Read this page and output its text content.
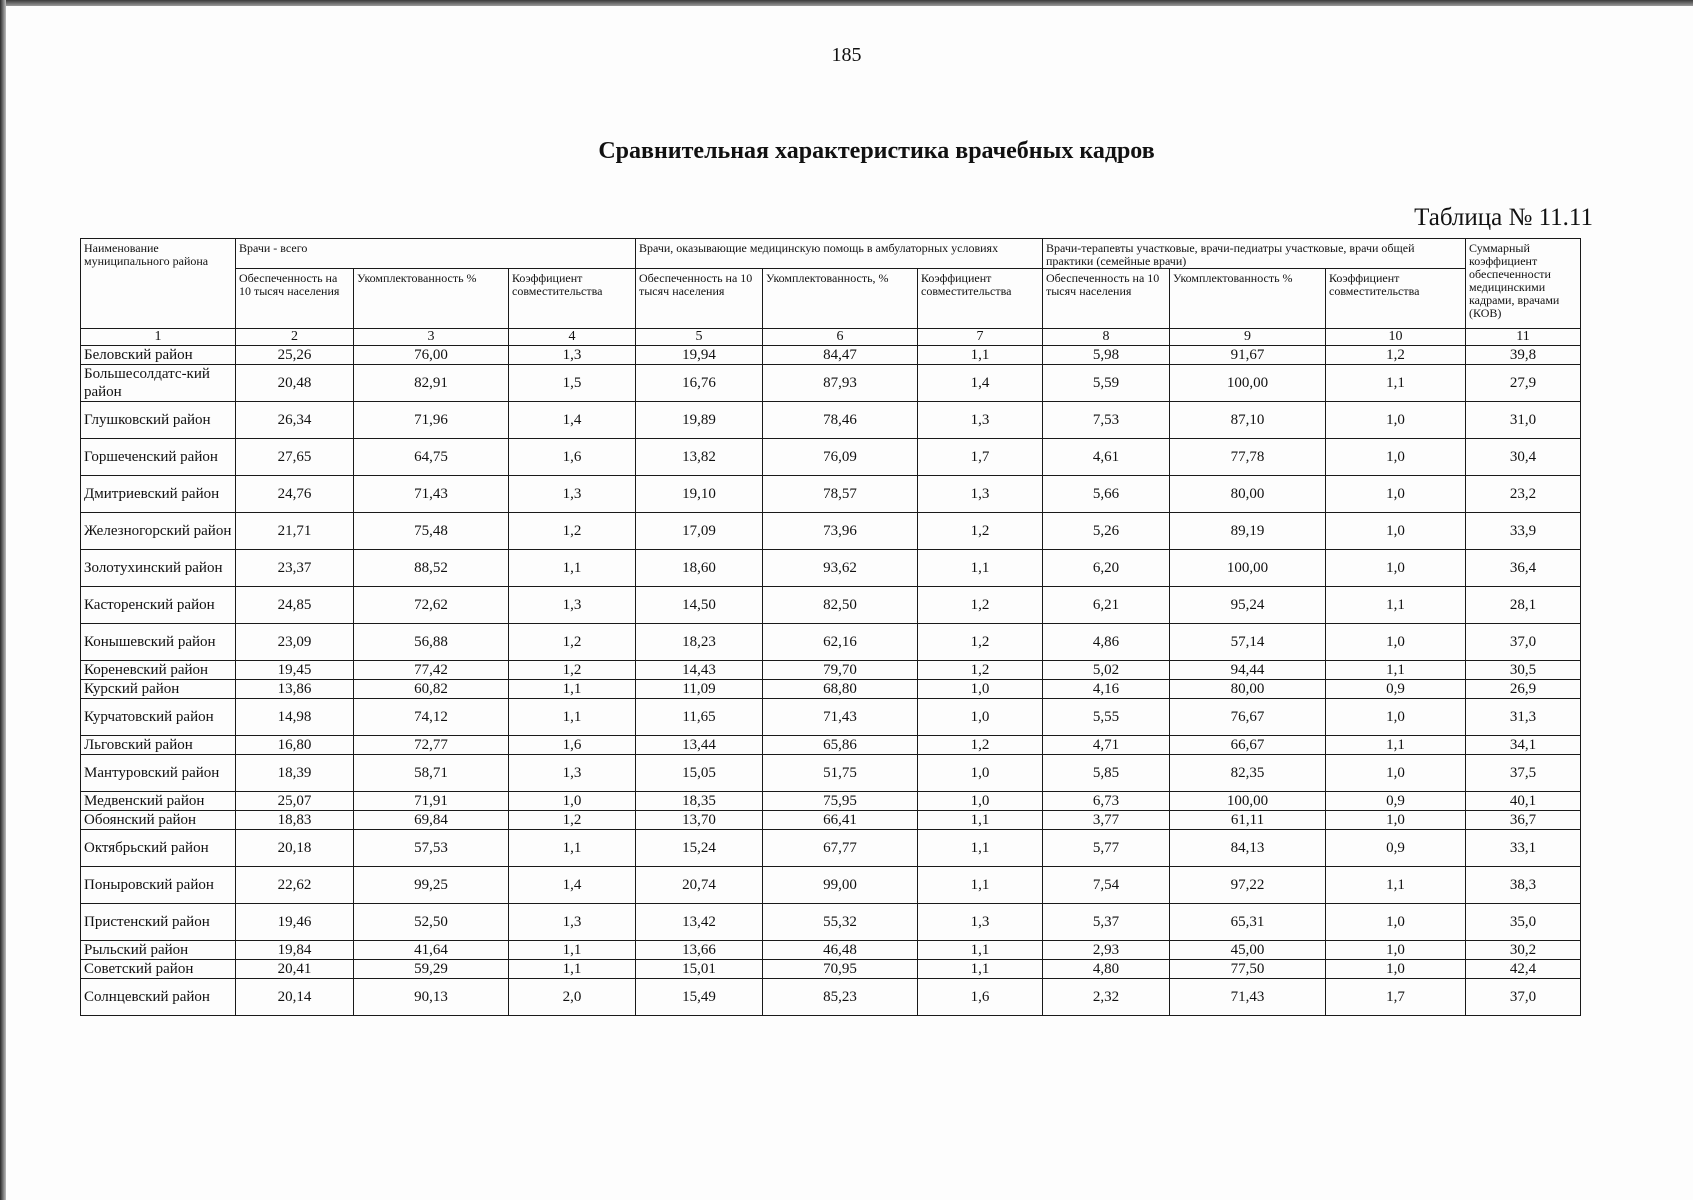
185
Сравнительная характеристика врачебных кадров
Таблица № 11.11
Наименование муниципального района	Врачи - всего			Врачи, оказывающие медицинскую помощь в амбулаторных условиях			Врачи-терапевты участковые, врачи-педиатры участковые, врачи общей практики (семейные врачи)			Суммарный коэффициент обеспеченности медицинскими кадрами, врачами (КОВ)
	Обеспеченность на 10 тысяч населения	Укомплектованность %	Коэффициент совместительства	Обеспеченность на 10 тысяч населения	Укомплектованность, %	Коэффициент совместительства	Обеспеченность на 10 тысяч населения	Укомплектованность %	Коэффициент совместительства	
1	2	3	4	5	6	7	8	9	10	11
Беловский район	25,26	76,00	1,3	19,94	84,47	1,1	5,98	91,67	1,2	39,8
Большесолдатс-кий район	20,48	82,91	1,5	16,76	87,93	1,4	5,59	100,00	1,1	27,9
Глушковский район	26,34	71,96	1,4	19,89	78,46	1,3	7,53	87,10	1,0	31,0
Горшеченский район	27,65	64,75	1,6	13,82	76,09	1,7	4,61	77,78	1,0	30,4
Дмитриевский район	24,76	71,43	1,3	19,10	78,57	1,3	5,66	80,00	1,0	23,2
Железногорский район	21,71	75,48	1,2	17,09	73,96	1,2	5,26	89,19	1,0	33,9
Золотухинский район	23,37	88,52	1,1	18,60	93,62	1,1	6,20	100,00	1,0	36,4
Касторенский район	24,85	72,62	1,3	14,50	82,50	1,2	6,21	95,24	1,1	28,1
Конышевский район	23,09	56,88	1,2	18,23	62,16	1,2	4,86	57,14	1,0	37,0
Кореневский район	19,45	77,42	1,2	14,43	79,70	1,2	5,02	94,44	1,1	30,5
Курский район	13,86	60,82	1,1	11,09	68,80	1,0	4,16	80,00	0,9	26,9
Курчатовский район	14,98	74,12	1,1	11,65	71,43	1,0	5,55	76,67	1,0	31,3
Льговский район	16,80	72,77	1,6	13,44	65,86	1,2	4,71	66,67	1,1	34,1
Мантуровский район	18,39	58,71	1,3	15,05	51,75	1,0	5,85	82,35	1,0	37,5
Медвенский район	25,07	71,91	1,0	18,35	75,95	1,0	6,73	100,00	0,9	40,1
Обоянский район	18,83	69,84	1,2	13,70	66,41	1,1	3,77	61,11	1,0	36,7
Октябрьский район	20,18	57,53	1,1	15,24	67,77	1,1	5,77	84,13	0,9	33,1
Поныровский район	22,62	99,25	1,4	20,74	99,00	1,1	7,54	97,22	1,1	38,3
Пристенский район	19,46	52,50	1,3	13,42	55,32	1,3	5,37	65,31	1,0	35,0
Рыльский район	19,84	41,64	1,1	13,66	46,48	1,1	2,93	45,00	1,0	30,2
Советский район	20,41	59,29	1,1	15,01	70,95	1,1	4,80	77,50	1,0	42,4
Солнцевский район	20,14	90,13	2,0	15,49	85,23	1,6	2,32	71,43	1,7	37,0
